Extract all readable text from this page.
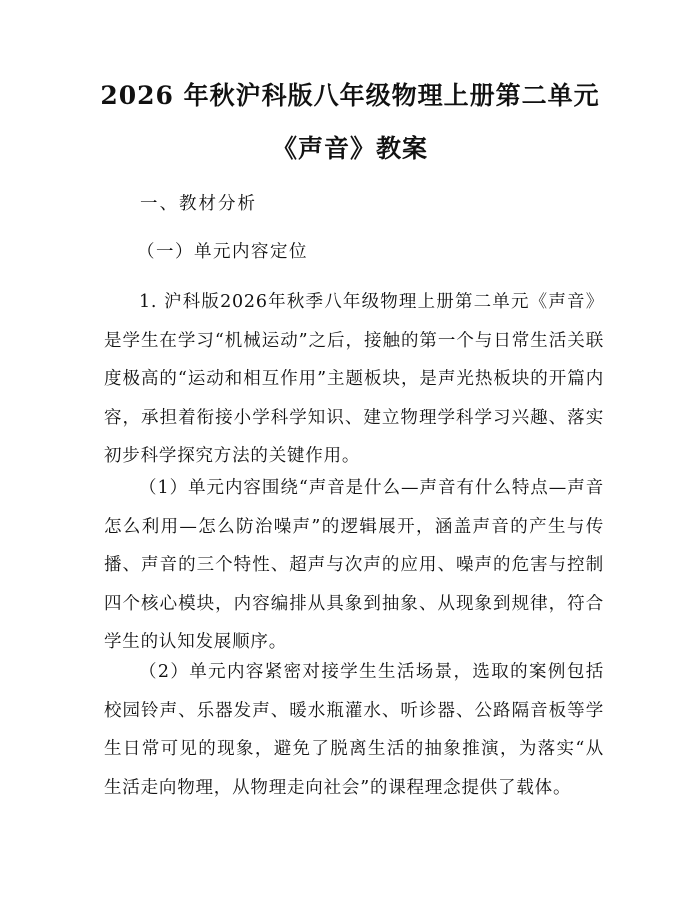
2026 年秋沪科版八年级物理上册第二单元
《声音》教案
一、教材分析
（一）单元内容定位

1. 沪科版2026年秋季八年级物理上册第二单元《声音》是学生在学习“机械运动”之后，接触的第一个与日常生活关联度极高的“运动和相互作用”主题板块，是声光热板块的开篇内容，承担着衔接小学科学知识、建立物理学科学习兴趣、落实初步科学探究方法的关键作用。

（1）单元内容围绕“声音是什么—声音有什么特点—声音怎么利用—怎么防治噪声”的逻辑展开，涵盖声音的产生与传播、声音的三个特性、超声与次声的应用、噪声的危害与控制四个核心模块，内容编排从具象到抽象、从现象到规律，符合学生的认知发展顺序。

（2）单元内容紧密对接学生生活场景，选取的案例包括校园铃声、乐器发声、暖水瓶灌水、听诊器、公路隔音板等学生日常可见的现象，避免了脱离生活的抽象推演，为落实“从生活走向物理，从物理走向社会”的课程理念提供了载体。
